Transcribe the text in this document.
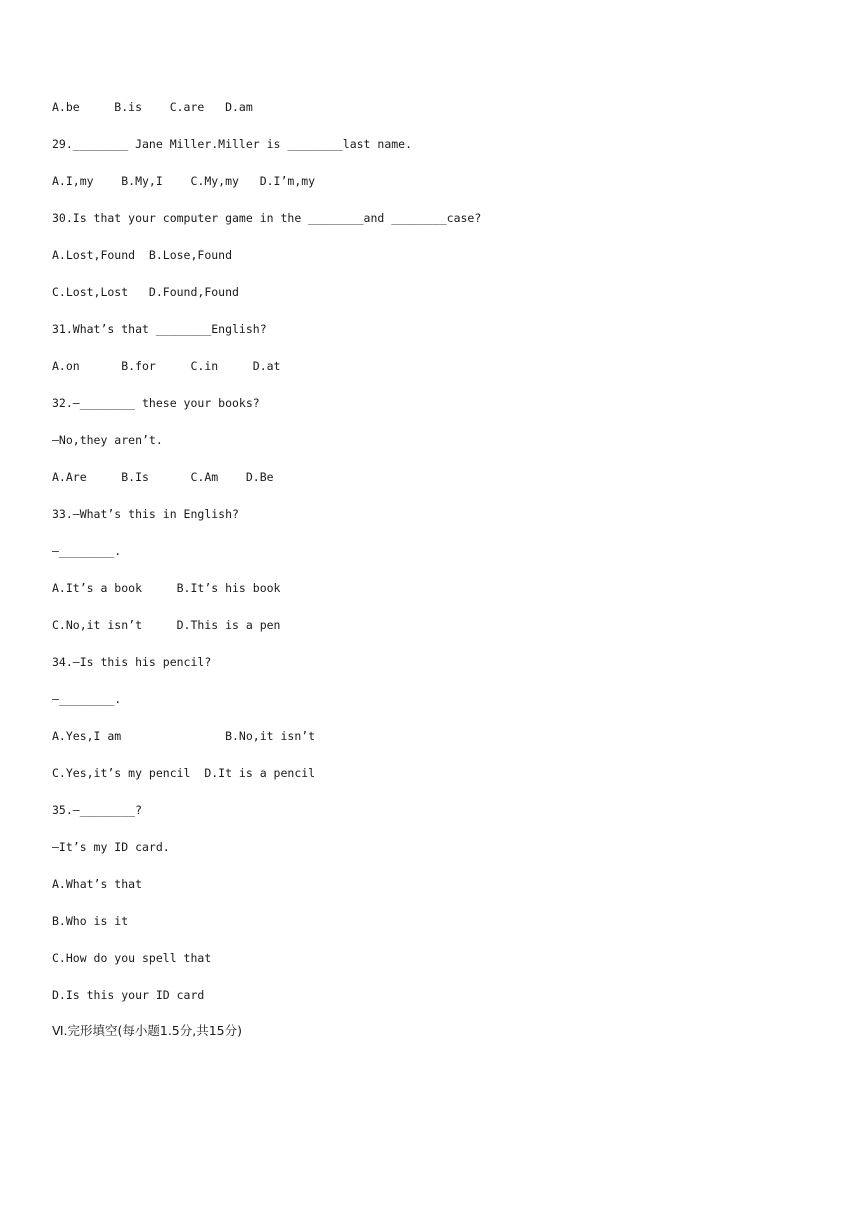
A.be     B.is    C.are   D.am
29.________ Jane Miller.Miller is ________last name.
A.I,my    B.My,I    C.My,my   D.I’m,my
30.Is that your computer game in the ________and ________case?
A.Lost,Found  B.Lose,Found
C.Lost,Lost   D.Found,Found
31.What’s that ________English?
A.on      B.for     C.in     D.at
32.—________ these your books?
—No,they aren’t.
A.Are     B.Is      C.Am    D.Be
33.—What’s this in English?
—________.
A.It’s a book     B.It’s his book
C.No,it isn’t     D.This is a pen
34.—Is this his pencil?
—________.
A.Yes,I am               B.No,it isn’t
C.Yes,it’s my pencil  D.It is a pencil
35.—________?
—It’s my ID card.
A.What’s that
B.Who is it
C.How do you spell that
D.Is this your ID card
Ⅵ.完形填空(每小题1.5分,共15分)
